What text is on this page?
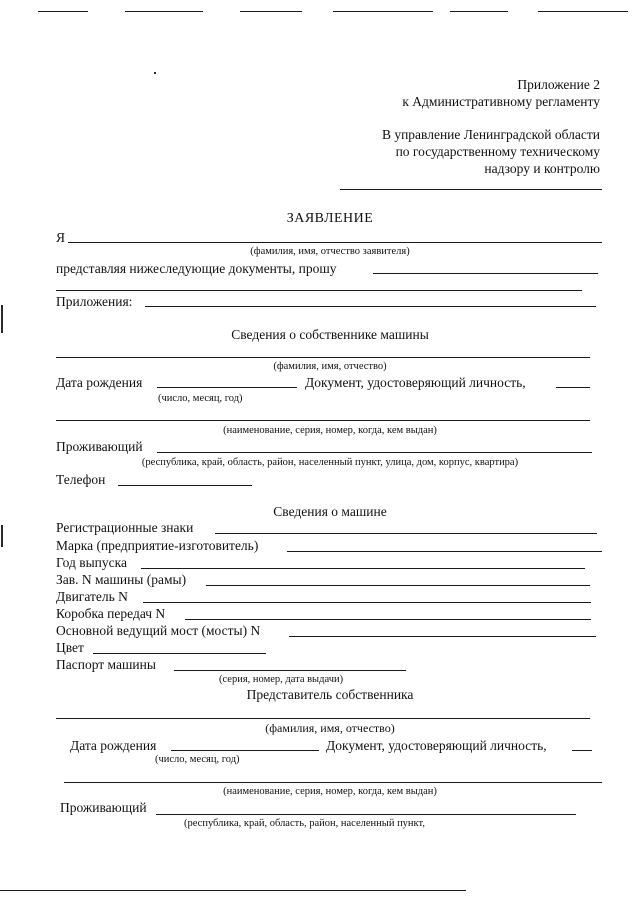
Приложение 2
к Административному регламенту
В управление Ленинградской области
по государственному техническому
надзору и контролю
ЗАЯВЛЕНИЕ
Я
(фамилия, имя, отчество заявителя)
представляя нижеследующие документы, прошу
Приложения:
Сведения о собственнике машины
(фамилия, имя, отчество)
Дата рождения	Документ, удостоверяющий личность,
(число, месяц, год)
(наименование, серия, номер, когда, кем выдан)
Проживающий
(республика, край, область, район, населенный пункт, улица, дом, корпус, квартира)
Телефон
Сведения о машине
Регистрационные знаки
Марка (предприятие-изготовитель)
Год выпуска
Зав. N машины (рамы)
Двигатель N
Коробка передач N
Основной ведущий мост (мосты) N
Цвет
Паспорт машины
(серия, номер, дата выдачи)
Представитель собственника
(фамилия, имя, отчество)
Дата рождения	Документ, удостоверяющий личность,
(число, месяц, год)
(наименование, серия, номер, когда, кем выдан)
Проживающий
(республика, край, область, район, населенный пункт,
